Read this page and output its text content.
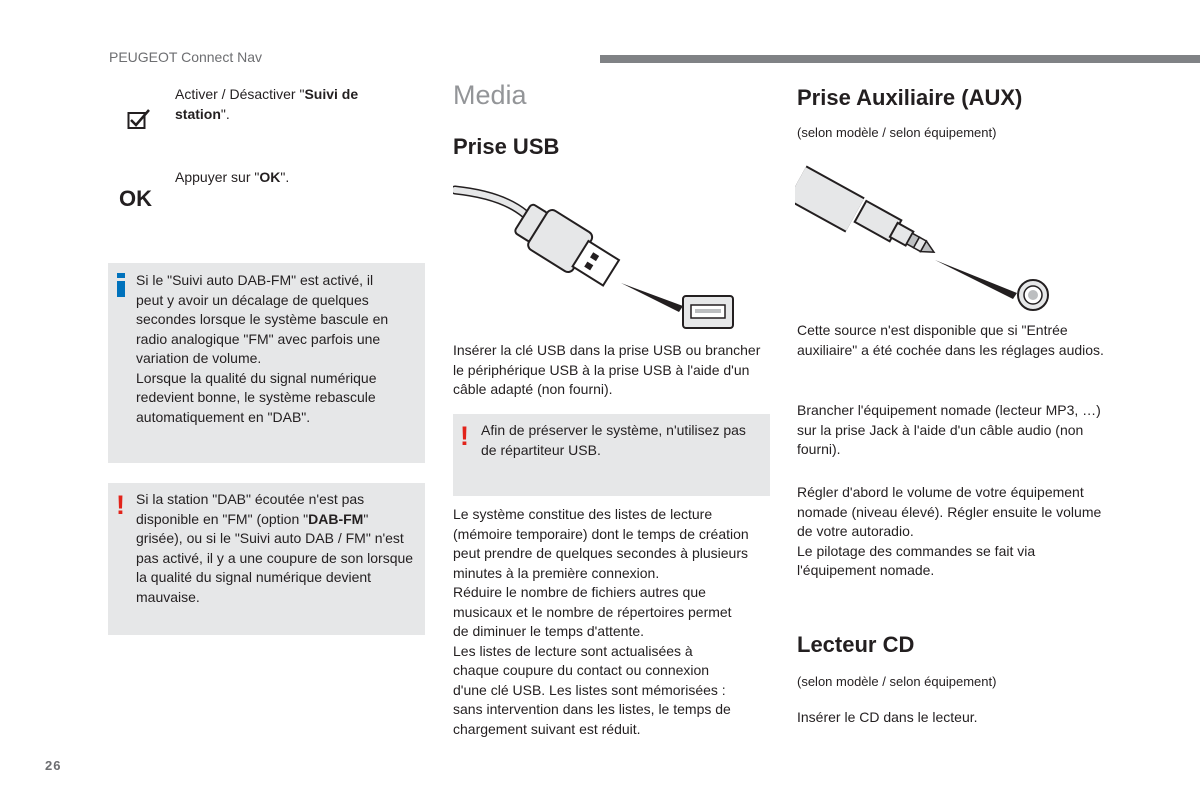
PEUGEOT Connect Nav
Activer / Désactiver "Suivi de station".
OK
Appuyer sur "OK".
Si le "Suivi auto DAB-FM" est activé, il
peut y avoir un décalage de quelques
secondes lorsque le système bascule en
radio analogique "FM" avec parfois une
variation de volume.
Lorsque la qualité du signal numérique
redevient bonne, le système rebascule
automatiquement en "DAB".
! Si la station "DAB" écoutée n'est pas disponible en "FM" (option "DAB-FM" grisée), ou si le "Suivi auto DAB / FM" n'est pas activé, il y a une coupure de son lorsque la qualité du signal numérique devient mauvaise.
Media
Prise USB
Insérer la clé USB dans la prise USB ou brancher le périphérique USB à la prise USB à l'aide d'un câble adapté (non fourni).
! Afin de préserver le système, n'utilisez pas de répartiteur USB.
Le système constitue des listes de lecture
(mémoire temporaire) dont le temps de création
peut prendre de quelques secondes à plusieurs
minutes à la première connexion.
Réduire le nombre de fichiers autres que
musicaux et le nombre de répertoires permet
de diminuer le temps d'attente.
Les listes de lecture sont actualisées à
chaque coupure du contact ou connexion
d'une clé USB. Les listes sont mémorisées :
sans intervention dans les listes, le temps de
chargement suivant est réduit.
Prise Auxiliaire (AUX)
(selon modèle / selon équipement)
Cette source n'est disponible que si "Entrée auxiliaire" a été cochée dans les réglages audios.
Brancher l'équipement nomade (lecteur MP3, …) sur la prise Jack à l'aide d'un câble audio (non fourni).
Régler d'abord le volume de votre équipement nomade (niveau élevé). Régler ensuite le volume de votre autoradio.
Le pilotage des commandes se fait via l'équipement nomade.
Lecteur CD
(selon modèle / selon équipement)
Insérer le CD dans le lecteur.
26
